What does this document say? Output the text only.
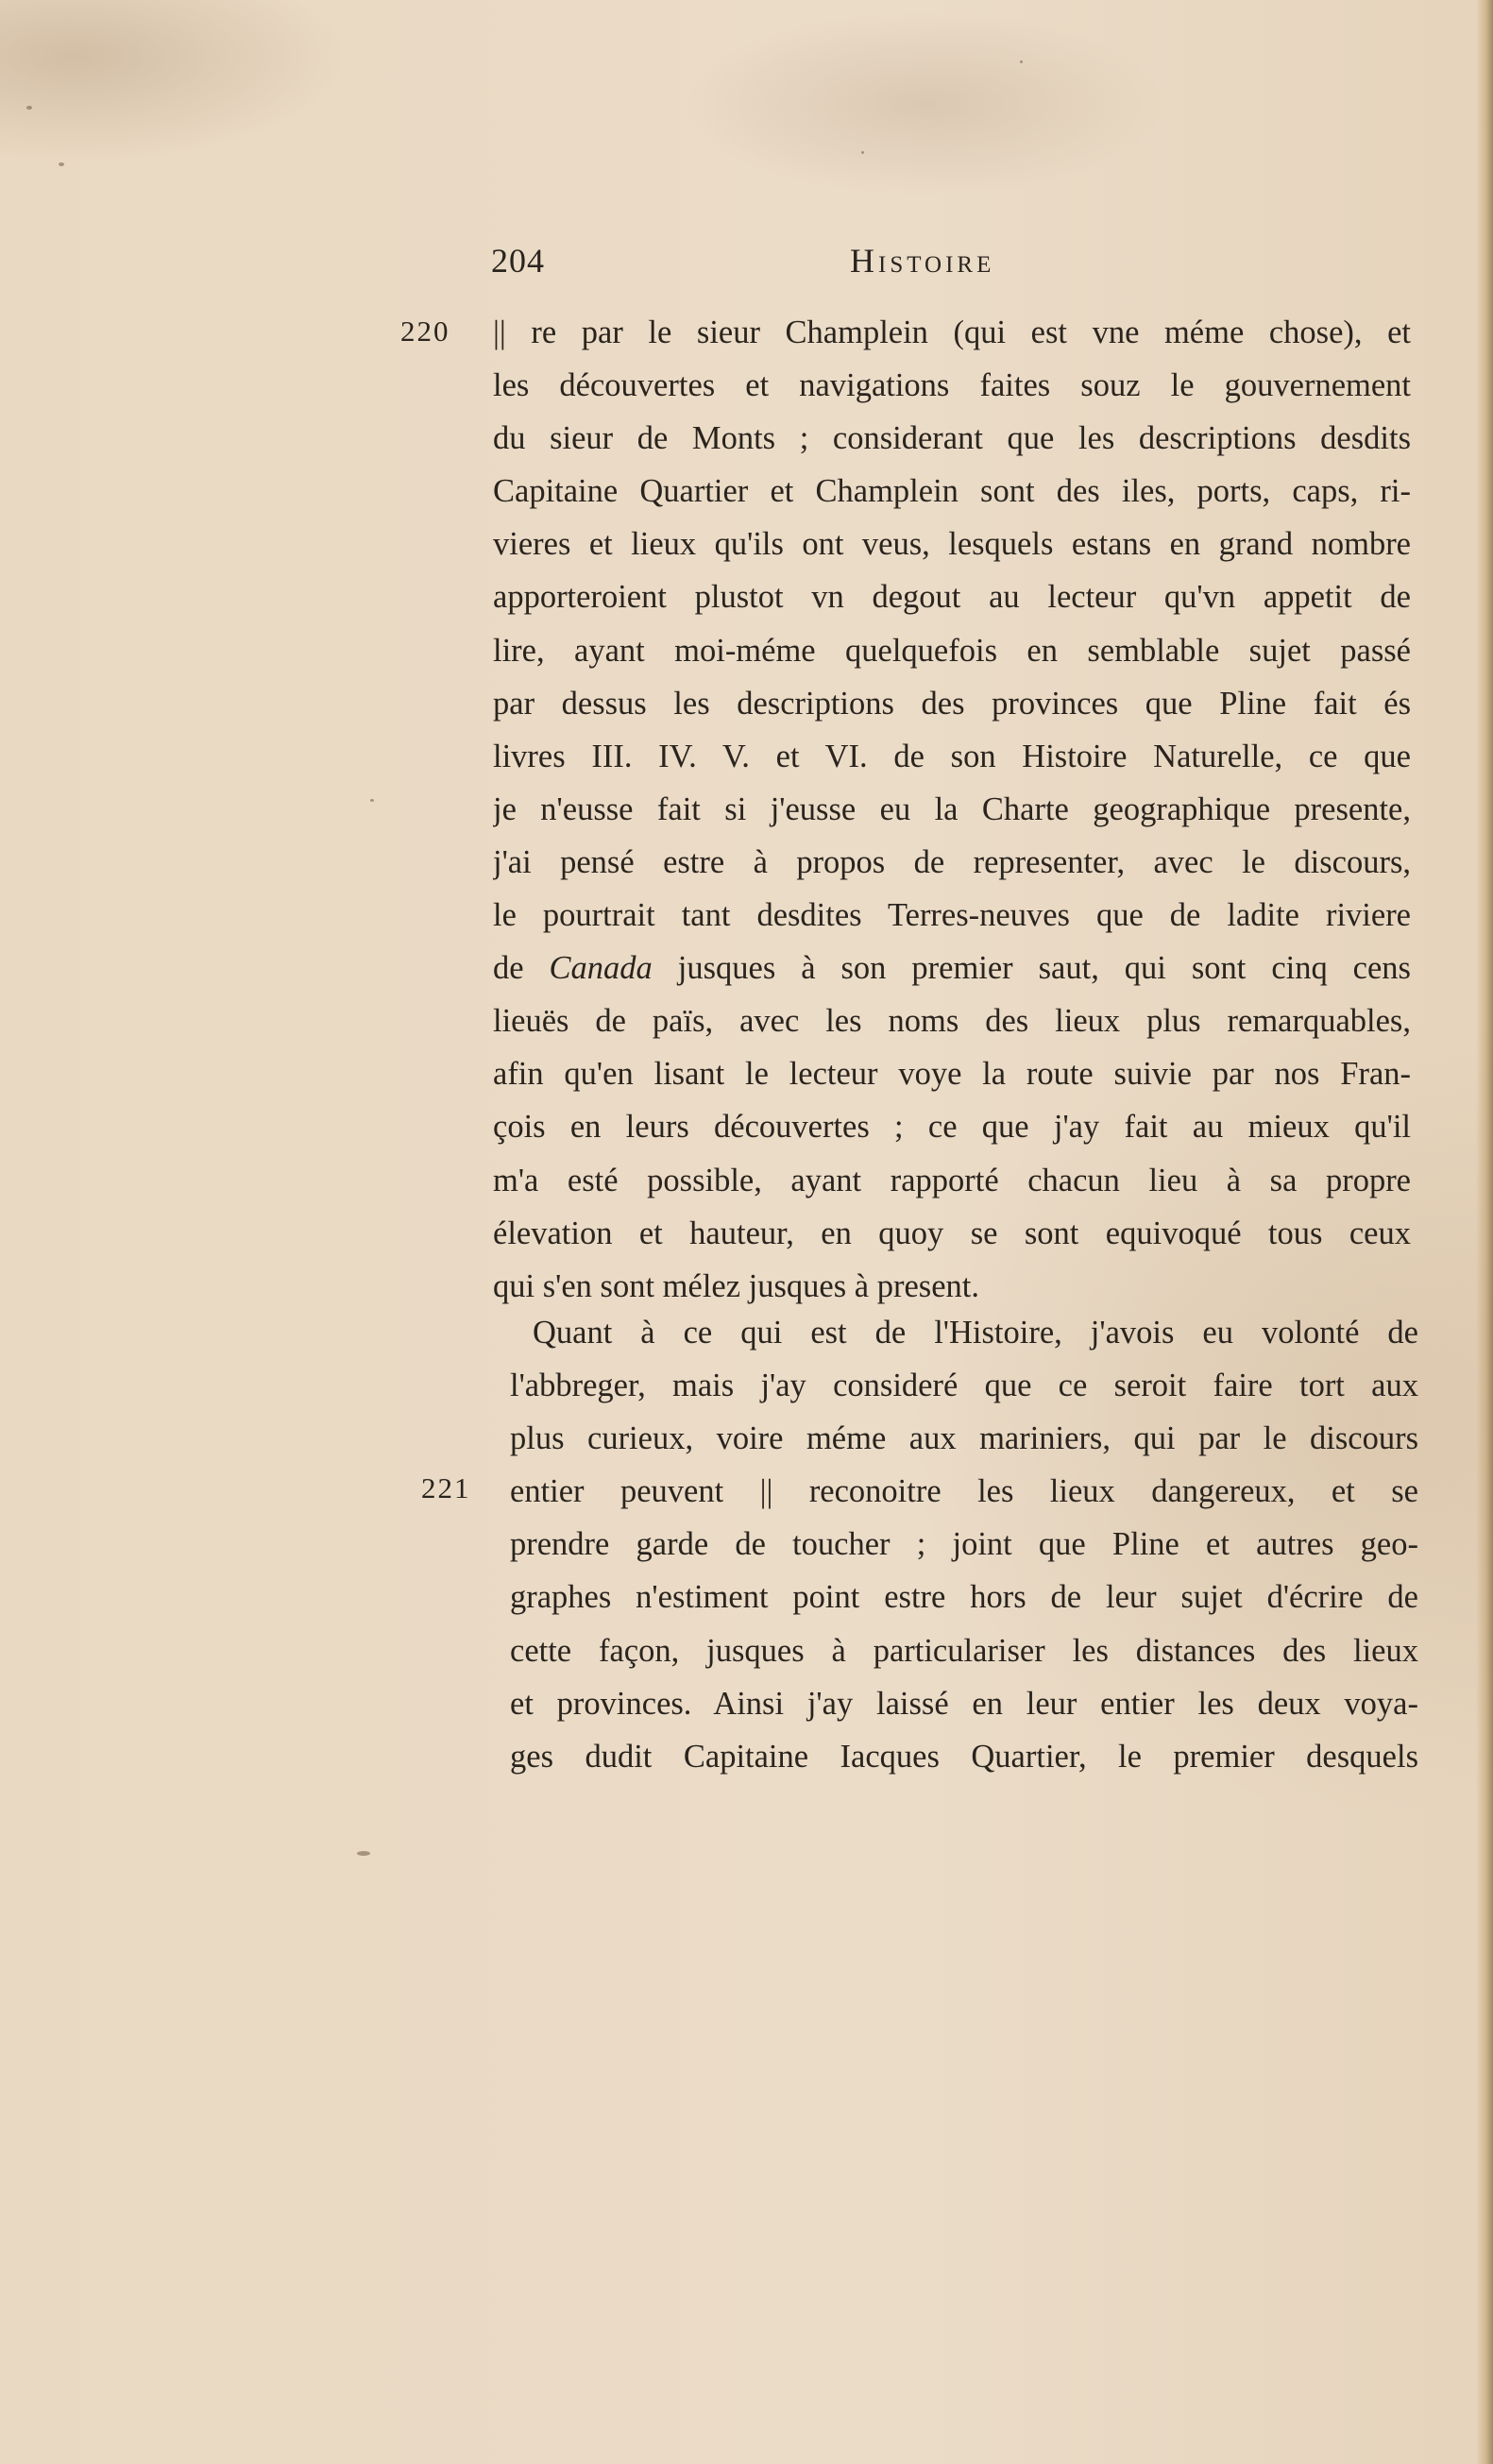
204	Histoire
220
221
|| re par le sieur Champlein (qui est vne méme chose), et
les découvertes et navigations faites souz le gouvernement
du sieur de Monts ; considerant que les descriptions desdits
Capitaine Quartier et Champlein sont des iles, ports, caps, ri-
vieres et lieux qu'ils ont veus, lesquels estans en grand nombre
apporteroient plustot vn degout au lecteur qu'vn appetit de
lire, ayant moi-méme quelquefois en semblable sujet passé
par dessus les descriptions des provinces que Pline fait és
livres III. IV. V. et VI. de son Histoire Naturelle, ce que
je n'eusse fait si j'eusse eu la Charte geographique presente,
j'ai pensé estre à propos de representer, avec le discours,
le pourtrait tant desdites Terres-neuves que de ladite riviere
de Canada jusques à son premier saut, qui sont cinq cens
lieuës de païs, avec les noms des lieux plus remarquables,
afin qu'en lisant le lecteur voye la route suivie par nos Fran-
çois en leurs découvertes ; ce que j'ay fait au mieux qu'il
m'a esté possible, ayant rapporté chacun lieu à sa propre
élevation et hauteur, en quoy se sont equivoqué tous ceux
qui s'en sont mélez jusques à present.
Quant à ce qui est de l'Histoire, j'avois eu volonté de
l'abbreger, mais j'ay consideré que ce seroit faire tort aux
plus curieux, voire méme aux mariniers, qui par le discours
entier peuvent || reconoitre les lieux dangereux, et se
prendre garde de toucher ; joint que Pline et autres geo-
graphes n'estiment point estre hors de leur sujet d'écrire de
cette façon, jusques à particulariser les distances des lieux
et provinces. Ainsi j'ay laissé en leur entier les deux voya-
ges dudit Capitaine Iacques Quartier, le premier desquels
